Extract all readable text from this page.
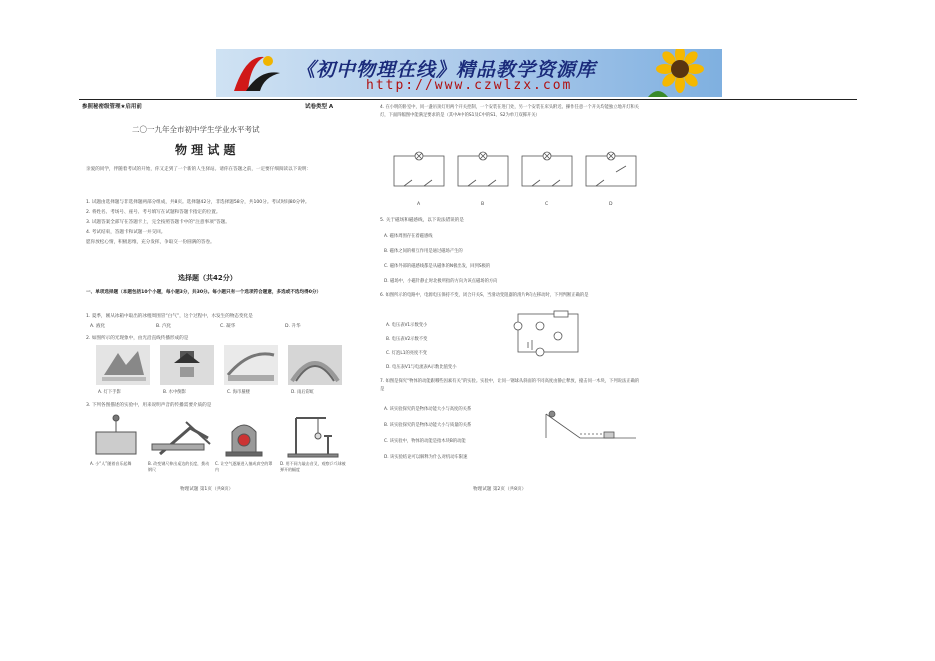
《初中物理在线》精品教学资源库
http://www.czwlzx.com
参照秘密级管理★启用前	试卷类型 A
二〇一九年全市初中学生学业水平考试
物 理 试 题
亲爱的同学，伴随着考试的开始，你又走到了一个新的人生驿站。请你在答题之前，一定要仔细阅读以下说明：
1. 试题由选择题与非选择题两部分组成，共8页。选择题42分，非选择题58分，共100分。考试时间80分钟。
2. 将姓名、考场号、座号、考号填写在试题和答题卡指定的位置。
3. 试题答案全部写在答题卡上，完全按照答题卡中的“注意事项”答题。
4. 考试结束，答题卡和试题一并交回。
愿你放松心情，积极思维，充分发挥，争取交一份圆满的答卷。
选择题（共42分）
一、单项选择题（本题包括10个小题，每小题3分，共30分。每小题只有一个选项符合题意，多选或不选均得0分）
1. 夏季，刚从冰箱中取出的冰棍周围冒“白气”，这个过程中，水发生的物态变化是
A. 液化	B. 汽化	C. 凝华	D. 升华
2. 如图所示的光现象中，由光沿直线传播形成的是
A. 灯下手影	B. 水中倒影	C. 海市蜃楼	D. 雨后彩虹
3. 下列各图描述的实验中，用来说明声音的传播需要介质的是
A. 小“人”随着音乐起舞	B. 改变钢尺伸出桌边的长度，拨动钢尺
C. 让空气逐渐进入抽成真空的罩内
D. 用不同力敲击音叉，观察乒乓球被弹开的幅度
物理试题 第1页（共8页）
4. 在小明的卧室中，同一盏吊顶灯用两个开关控制，一个安装在进门处，另一个安装在床头附近。操作任意一个开关均能独立地开灯和关灯，下面四幅图中能满足要求的是（其中A中的S1及C中的S1、S2为单刀双掷开关）
A	B	C	D
5. 关于磁场和磁感线，以下说法错误的是
A. 磁体周围存在着磁感线
B. 磁体之间的相互作用是通过磁场产生的
C. 磁体外部的磁感线都是从磁体的N极出发，回到S极的
D. 磁场中，小磁针静止时北极所指的方向为该点磁场的方向
6. 如图所示的电路中，电源电压保持不变，闭合开关S，当滑动变阻器的滑片P向左移动时，下列判断正确的是
A. 电压表V1示数变小
B. 电压表V2示数不变
C. 灯泡L1的亮度不变
D. 电压表V1与电流表A示数比值变小
7. 如图是探究“物体的动能跟哪些因素有关”的实验。实验中，让同一钢球从斜面的不同高度由静止释放，撞击同一木块，下列说法正确的是
A. 该实验探究的是物体动能大小与高度的关系
B. 该实验探究的是物体动能大小与质量的关系
C. 该实验中，物体的动能是指木块B的动能
D. 该实验结论可以解释为什么对机动车限速
物理试题 第2页（共8页）
